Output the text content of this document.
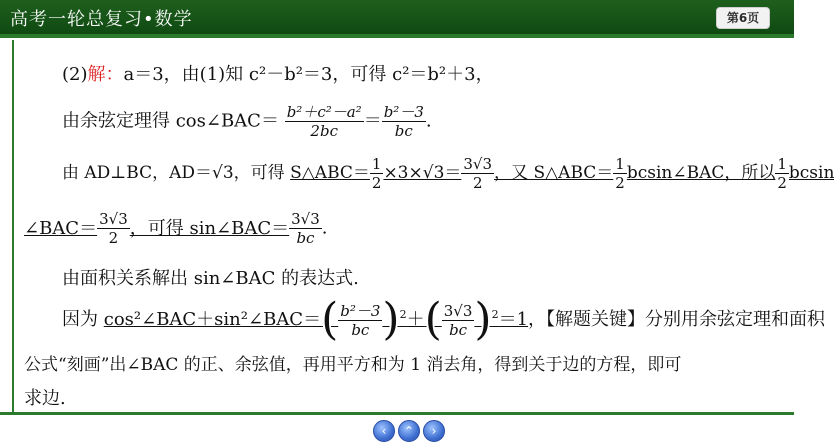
高考一轮总复习•数学	第6页
(2)解：a＝3，由(1)知 c²－b²＝3，可得 c²＝b²＋3，
由余弦定理得 cos∠BAC＝ $\frac{\text{b²＋c²－a²}}{2bc} = \frac{\text{b²－3}}{bc}$ .
由 AD⊥BC，AD＝√3，可得 S△ABC＝ $\frac{1}{2} \times 3\times√3= \frac{3√3}{2}$ ，又 S△ABC＝ $\frac{1}{2}$ bcsin∠BAC，所以 $\frac{1}{2}$ bcsin
∠BAC＝ $\frac{3√3}{2}$ ，可得 sin∠BAC＝ $\frac{3√3}{bc}$ .
由面积关系解出 sin∠BAC 的表达式.
因为 cos²∠BAC＋sin²∠BAC＝( $\frac{\text{b²－3}}{bc} )^2+( \frac{3√3}{bc} )^2=1$，【解题关键】分别用余弦定理和面积
公式“刻画”出∠BAC 的正、余弦值，再用平方和为 1 消去角，得到关于边的方程，即可
求边.
‹	⌃	›
